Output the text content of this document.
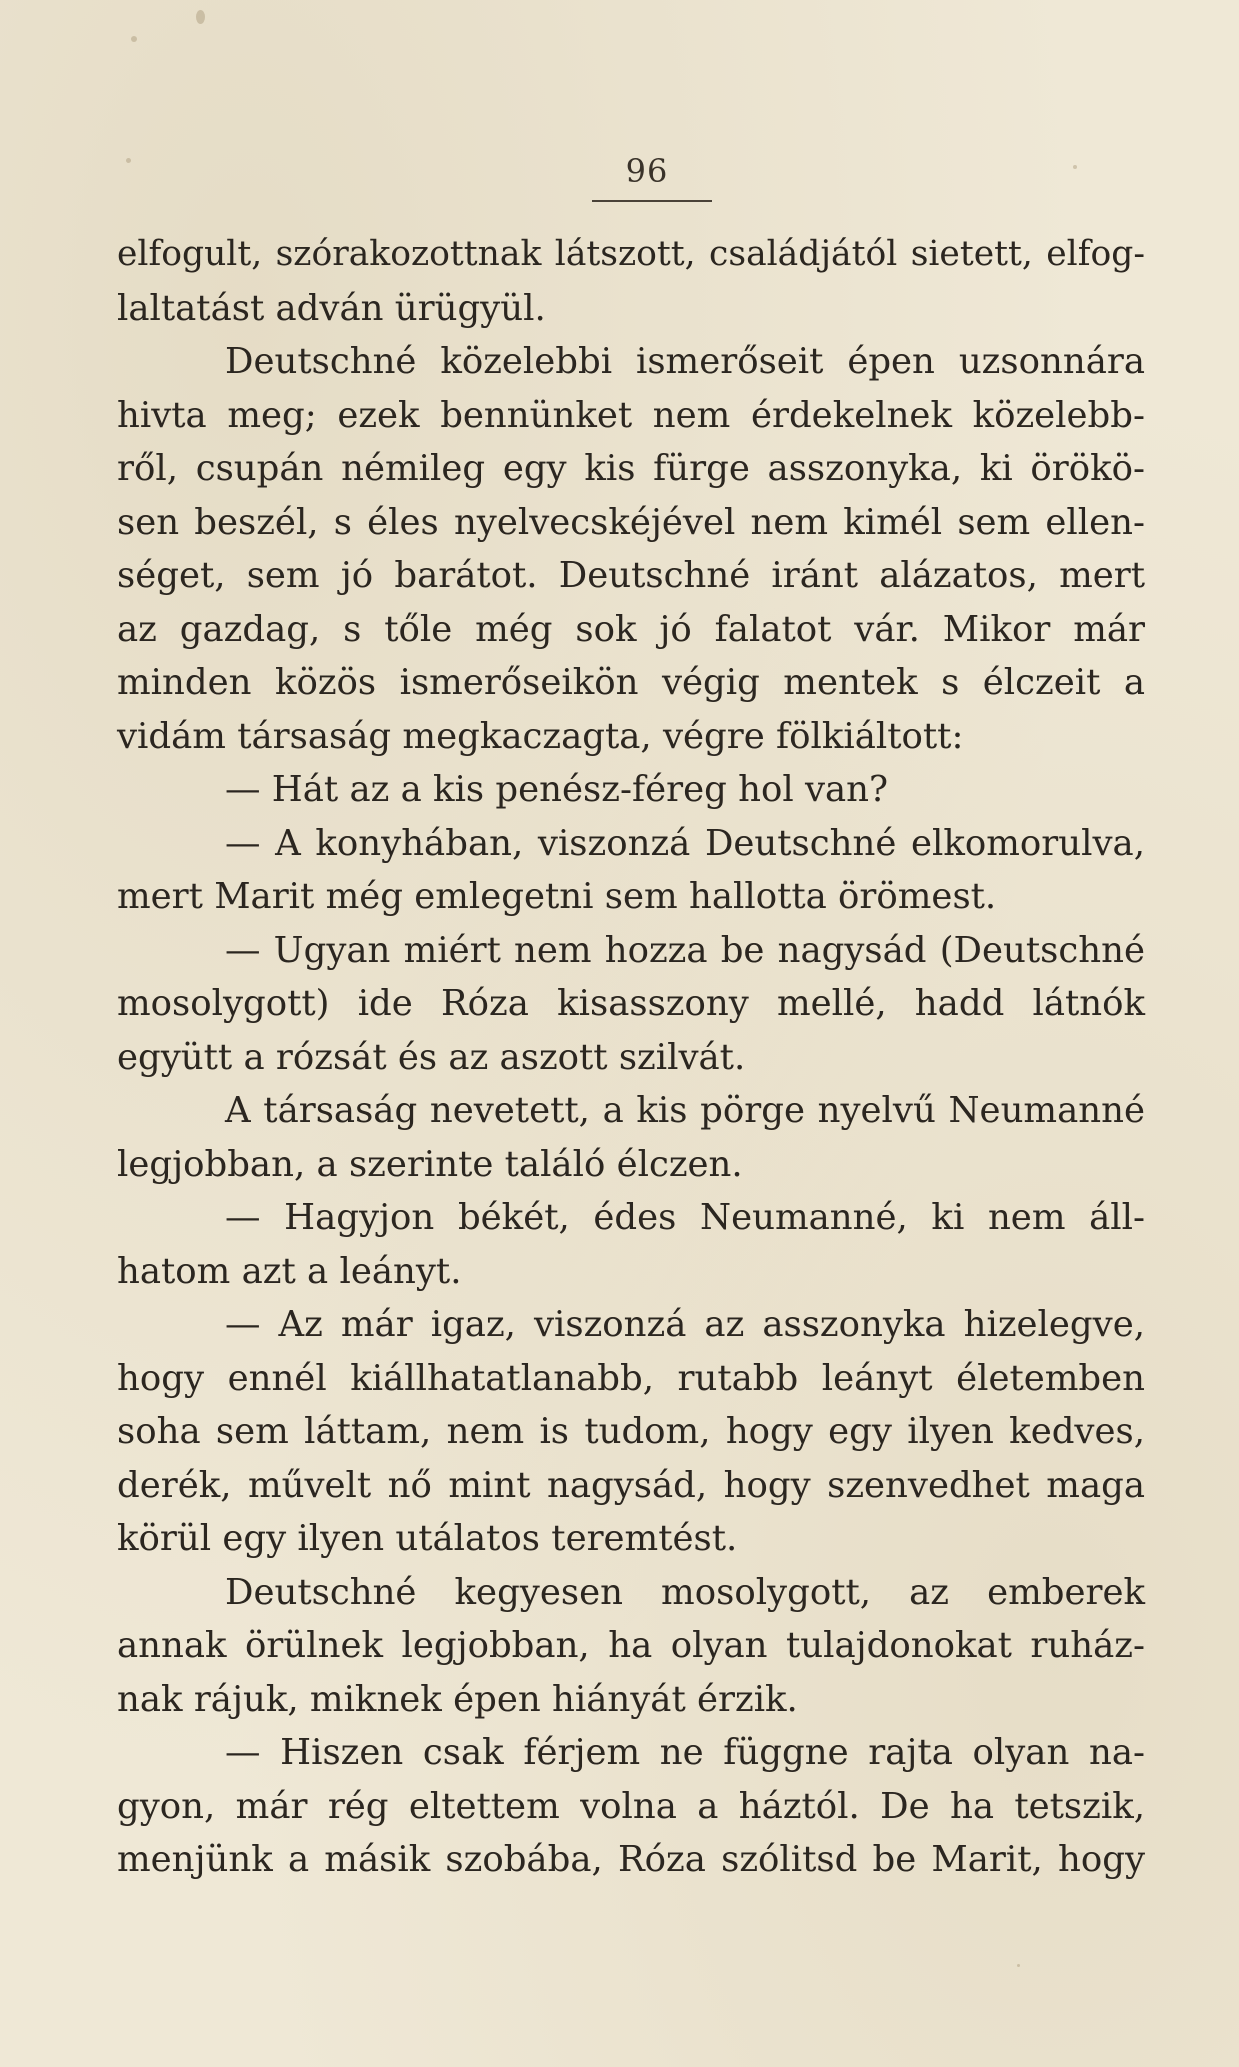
96
elfogult, szórakozottnak látszott, családjától sietett, elfog-
laltatást adván ürügyül.
Deutschné közelebbi ismerőseit épen uzsonnára
hivta meg; ezek bennünket nem érdekelnek közelebb-
ről, csupán némileg egy kis fürge asszonyka, ki örökö-
sen beszél, s éles nyelvecskéjével nem kimél sem ellen-
séget, sem jó barátot. Deutschné iránt alázatos, mert
az gazdag, s tőle még sok jó falatot vár. Mikor már
minden közös ismerőseikön végig mentek s élczeit a
vidám társaság megkaczagta, végre fölkiáltott:
— Hát az a kis penész-féreg hol van?
— A konyhában, viszonzá Deutschné elkomorulva,
mert Marit még emlegetni sem hallotta örömest.
— Ugyan miért nem hozza be nagysád (Deutschné
mosolygott) ide Róza kisasszony mellé, hadd látnók
együtt a rózsát és az aszott szilvát.
A társaság nevetett, a kis pörge nyelvű Neumanné
legjobban, a szerinte találó élczen.
— Hagyjon békét, édes Neumanné, ki nem áll-
hatom azt a leányt.
— Az már igaz, viszonzá az asszonyka hizelegve,
hogy ennél kiállhatatlanabb, rutabb leányt életemben
soha sem láttam, nem is tudom, hogy egy ilyen kedves,
derék, művelt nő mint nagysád, hogy szenvedhet maga
körül egy ilyen utálatos teremtést.
Deutschné kegyesen mosolygott, az emberek
annak örülnek legjobban, ha olyan tulajdonokat ruház-
nak rájuk, miknek épen hiányát érzik.
— Hiszen csak férjem ne függne rajta olyan na-
gyon, már rég eltettem volna a háztól. De ha tetszik,
menjünk a másik szobába, Róza szólitsd be Marit, hogy
